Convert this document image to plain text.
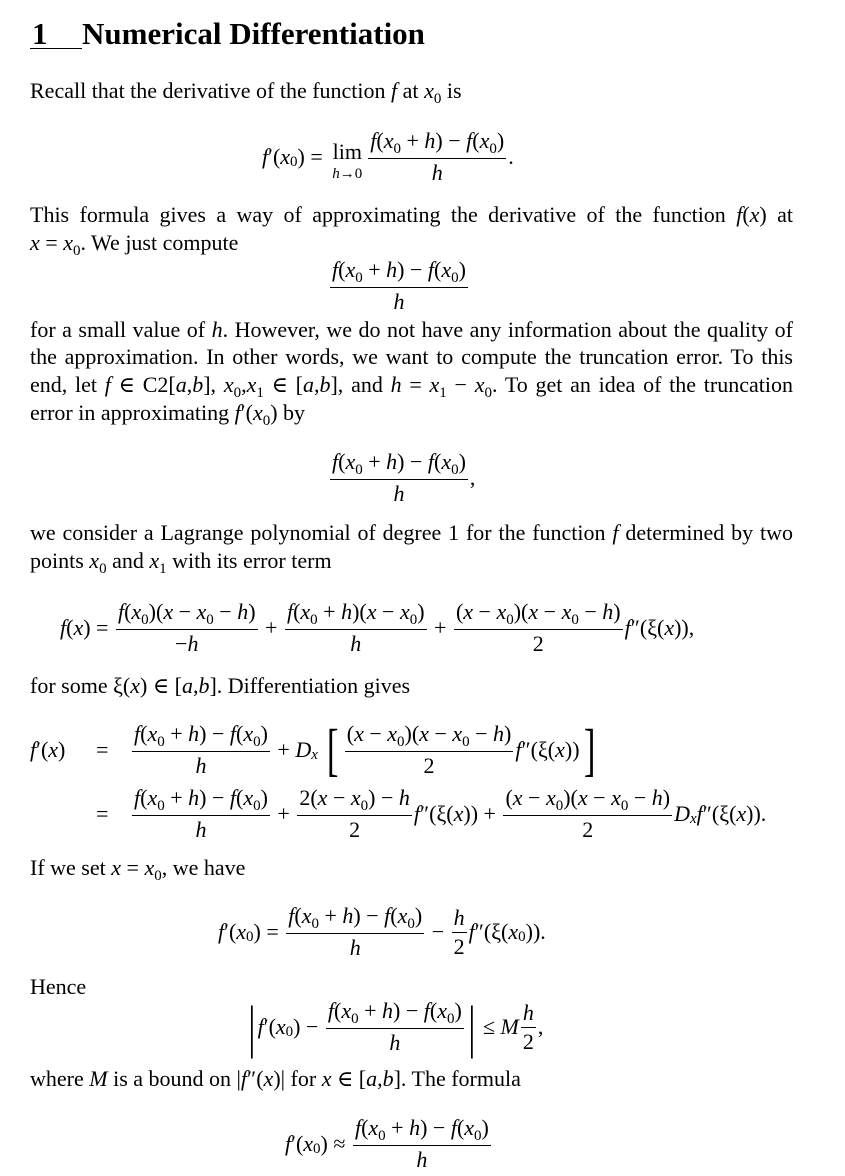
1 Numerical Differentiation
Recall that the derivative of the function f at $x_0$ is
f ′( x 0 ) = lim
$h\to 0 \frac{f(x_0 + h) - f(x_0)}{h}$ .
This formula gives a way of approximating the derivative of the function f(x) at
$x = x_0$. We just compute
$\frac{f(x_0 + h) - f(x_0)}{h}$
for a small value of h. However, we do not have any information about the quality of
the approximation. In other words, we want to compute the truncation error. To this
end, let f ∈ C2[a,b], $x_0,x_1$ ∈ [a,b], and $h = x_1 - x_0$. To get an idea of the truncation
error in approximating $f'(x_0)$ by
$\frac{f(x_0 + h) - f(x_0)}{h}$ ,
we consider a Lagrange polynomial of degree 1 for the function f determined by two
points $x_0$ and $x_1$ with its error term
f ( x ) = $\frac{f(x_0)(x - x_0 - h)}{-h} + \frac{f(x_0 + h)(x - x_0)}{h} + \frac{(x - x_0)(x - x_0 - h)}{2}$ f ″(ξ( x )),
for some ξ(x) ∈ [a,b]. Differentiation gives
f ′( x ) = $\frac{f(x_0 + h) - f(x_0)}{h} + D$ x
[ $\frac{(x - x_0)(x - x_0 - h)}{2}$ f ″(ξ( x )) ]
= $\frac{f(x_0 + h) - f(x_0)}{h} + \frac{2(x - x_0) - h}{2}$ f ″(ξ( x )) + $\frac{(x - x_0)(x - x_0 - h)}{2}$ D x f ″(ξ( x )).
If we set $x = x_0$, we have
f ′( x 0 ) = $\frac{f(x_0 + h) - f(x_0)}{h} - \frac{h}{2}$ f ″(ξ( x 0 )).
Hence
| f ′( x 0 ) − $\frac{f(x_0 + h) - f(x_0)}{h}$ | ≤ M $\frac{h}{2}$ ,
where M is a bound on |f″(x)| for x ∈ [a,b]. The formula
f ′( x 0 ) ≈ $\frac{f(x_0 + h) - f(x_0)}{h}$
